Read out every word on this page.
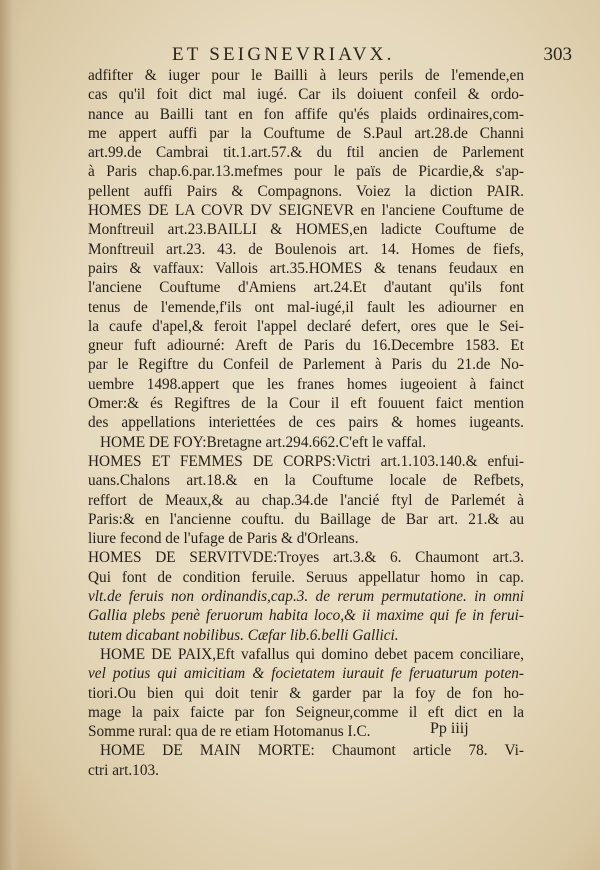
ET SEIGNEVRIAVX.	303
adfifter & iuger pour le Bailli à leurs perils de l'emende,en
cas qu'il foit dict mal iugé. Car ils doiuent confeil & ordo-
nance au Bailli tant en fon affife qu'és plaids ordinaires,com-
me appert auffi par la Couftume de S.Paul art.28.de Channi
art.99.de Cambrai tit.1.art.57.& du ftil ancien de Parlement
à Paris chap.6.par.13.mefmes pour le païs de Picardie,& s'ap-
pellent auffi Pairs & Compagnons. Voiez la diction PAIR.
HOMES DE LA COVR DV SEIGNEVR en l'anciene Couftume de
Monftreuil art.23.BAILLI & HOMES,en ladicte Couftume de
Monftreuil art.23. 43. de Boulenois art. 14. Homes de fiefs,
pairs & vaffaux: Vallois art.35.HOMES & tenans feudaux en
l'anciene Couftume d'Amiens art.24.Et d'autant qu'ils font
tenus de l'emende,f'ils ont mal-iugé,il fault les adiourner en
la caufe d'apel,& feroit l'appel declaré defert, ores que le Sei-
gneur fuft adiourné: Areft de Paris du 16.Decembre 1583. Et
par le Regiftre du Confeil de Parlement à Paris du 21.de No-
uembre 1498.appert que les franes homes iugeoient à fainct
Omer:& és Regiftres de la Cour il eft fouuent faict mention
des appellations interiettées de ces pairs & homes iugeants.
HOME DE FOY:Bretagne art.294.662.C'eft le vaffal.
HOMES ET FEMMES DE CORPS:Victri art.1.103.140.& enfui-
uans.Chalons art.18.& en la Couftume locale de Refbets,
reffort de Meaux,& au chap.34.de l'ancié ftyl de Parlemét à
Paris:& en l'ancienne couftu. du Baillage de Bar art. 21.& au
liure fecond de l'ufage de Paris & d'Orleans.
HOMES DE SERVITVDE:Troyes art.3.& 6. Chaumont art.3.
Qui font de condition feruile. Seruus appellatur homo in cap.
vlt.de feruis non ordinandis,cap.3. de rerum permutatione. in omni
Gallia plebs penè feruorum habita loco,& ii maxime qui fe in ferui-
tutem dicabant nobilibus. Cæfar lib.6.belli Gallici.
HOME DE PAIX,Eft vafallus qui domino debet pacem conciliare,
vel potius qui amicitiam & focietatem iurauit fe feruaturum poten-
tiori.Ou bien qui doit tenir & garder par la foy de fon ho-
mage la paix faicte par fon Seigneur,comme il eft dict en la
Somme rural: qua de re etiam Hotomanus I.C.
HOME DE MAIN MORTE: Chaumont article 78. Vi-
ctri art.103.
Pp iiij
